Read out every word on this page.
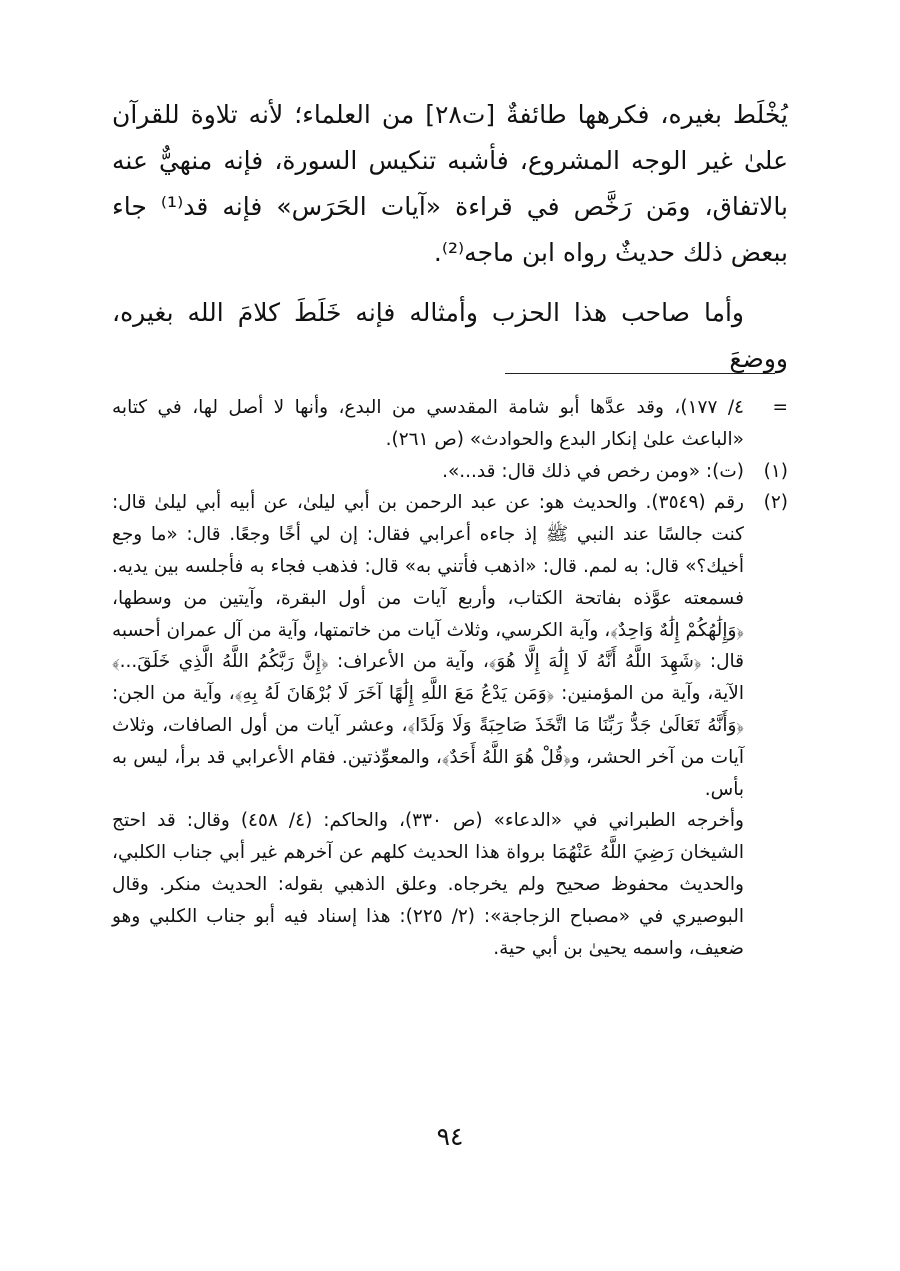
يُخْلَط بغيره، فكرهها طائفةٌ [ت٢٨] من العلماء؛ لأنه تلاوة للقرآن علىٰ غير الوجه المشروع، فأشبه تنكيس السورة، فإنه منهيٌّ عنه بالاتفاق، ومَن رَخَّص في قراءة «آيات الحَرَس» فإنه قد⁽¹⁾ جاء ببعض ذلك حديثٌ رواه ابن ماجه⁽²⁾.

وأما صاحب هذا الحزب وأمثاله فإنه خَلَطَ كلامَ الله بغيره، ووضعَ

=
٤/ ١٧٧)، وقد عدَّها أبو شامة المقدسي من البدع، وأنها لا أصل لها، في كتابه «الباعث علىٰ إنكار البدع والحوادث» (ص ٢٦١).
(١)
(ت): «ومن رخص في ذلك قال: قد...».
(٢)

رقم (٣٥٤٩). والحديث هو: عن عبد الرحمن بن أبي ليلىٰ، عن أبيه أبي ليلىٰ قال: كنت جالسًا عند النبي ﷺ إذ جاءه أعرابي فقال: إن لي أخًا وجعًا. قال: «ما وجع أخيك؟» قال: به لمم. قال: «اذهب فأتني به» قال: فذهب فجاء به فأجلسه بين يديه. فسمعته عوَّذه بفاتحة الكتاب، وأربع آيات من أول البقرة، وآيتين من وسطها، ﴿وَإِلَٰهُكُمْ إِلَٰهٌ وَاحِدٌ﴾، وآية الكرسي، وثلاث آيات من خاتمتها، وآية من آل عمران أحسبه قال: ﴿شَهِدَ اللَّهُ أَنَّهُ لَا إِلَٰهَ إِلَّا هُوَ﴾، وآية من الأعراف: ﴿إِنَّ رَبَّكُمُ اللَّهُ الَّذِي خَلَقَ...﴾ الآية، وآية من المؤمنين: ﴿وَمَن يَدْعُ مَعَ اللَّهِ إِلَٰهًا آخَرَ لَا بُرْهَانَ لَهُ بِهِ﴾، وآية من الجن: ﴿وَأَنَّهُ تَعَالَىٰ جَدُّ رَبِّنَا مَا اتَّخَذَ صَاحِبَةً وَلَا وَلَدًا﴾، وعشر آيات من أول الصافات، وثلاث آيات من آخر الحشر، و﴿قُلْ هُوَ اللَّهُ أَحَدٌ﴾، والمعوِّذتين. فقام الأعرابي قد برأ، ليس به بأس.

وأخرجه الطبراني في «الدعاء» (ص ٣٣٠)، والحاكم: (٤/ ٤٥٨) وقال: قد احتج الشيخان رَضِيَ اللَّهُ عَنْهُمَا برواة هذا الحديث كلهم عن آخرهم غير أبي جناب الكلبي، والحديث محفوظ صحيح ولم يخرجاه. وعلق الذهبي بقوله: الحديث منكر. وقال البوصيري في «مصباح الزجاجة»: (٢/ ٢٢٥): هذا إسناد فيه أبو جناب الكلبي وهو ضعيف، واسمه يحيىٰ بن أبي حية.
٩٤
